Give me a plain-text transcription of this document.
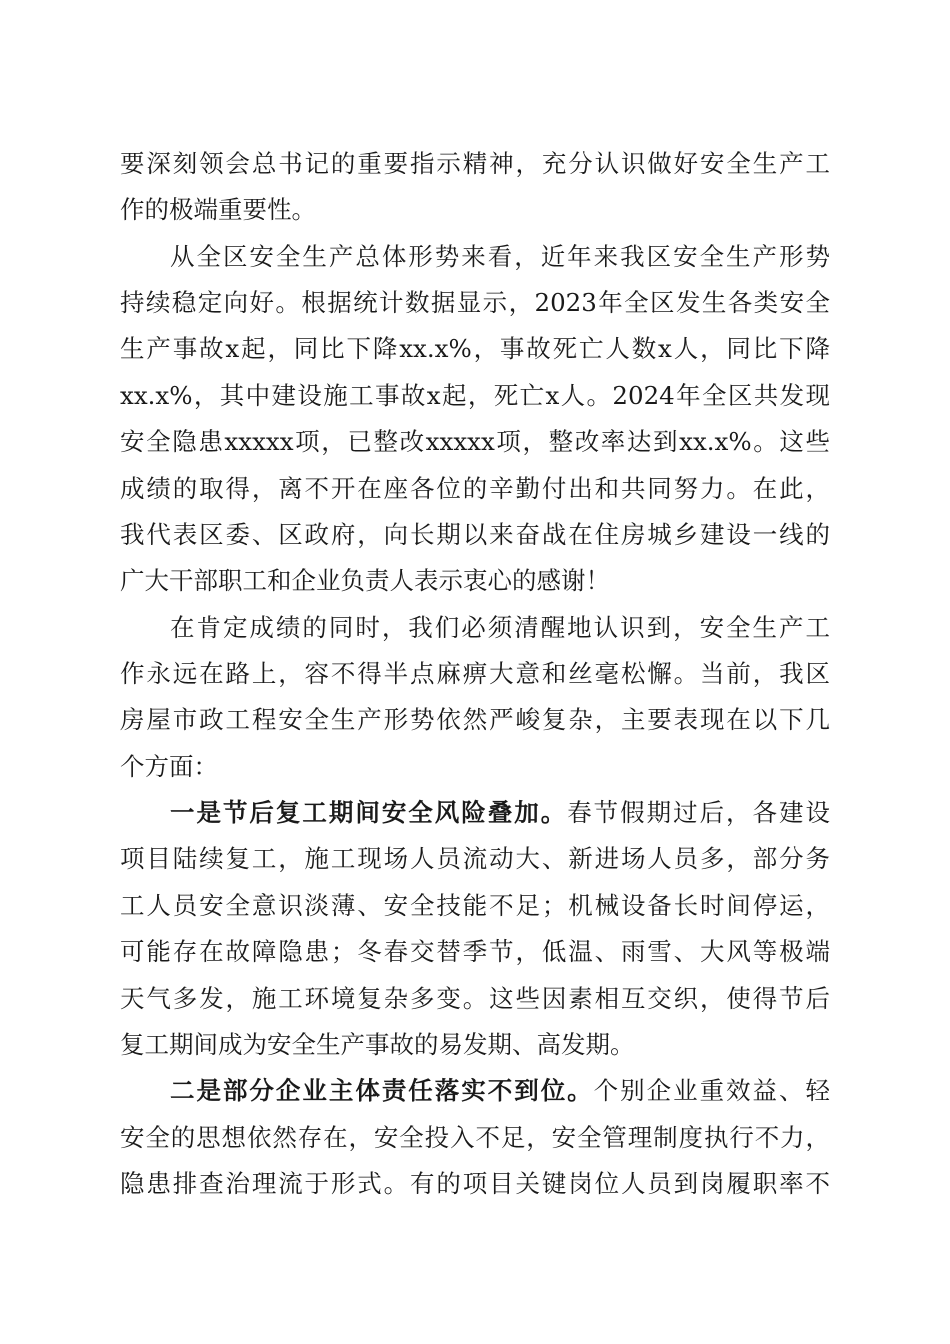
要深刻领会总书记的重要指示精神，充分认识做好安全生产工
作的极端重要性。
从全区安全生产总体形势来看，近年来我区安全生产形势
持续稳定向好。根据统计数据显示，2023年全区发生各类安全
生产事故x起，同比下降xx.x%，事故死亡人数x人，同比下降
xx.x%，其中建设施工事故x起，死亡x人。2024年全区共发现
安全隐患xxxxx项，已整改xxxxx项，整改率达到xx.x%。这些
成绩的取得，离不开在座各位的辛勤付出和共同努力。在此，
我代表区委、区政府，向长期以来奋战在住房城乡建设一线的
广大干部职工和企业负责人表示衷心的感谢！
在肯定成绩的同时，我们必须清醒地认识到，安全生产工
作永远在路上，容不得半点麻痹大意和丝毫松懈。当前，我区
房屋市政工程安全生产形势依然严峻复杂，主要表现在以下几
个方面：
一是节后复工期间安全风险叠加。春节假期过后，各建设
项目陆续复工，施工现场人员流动大、新进场人员多，部分务
工人员安全意识淡薄、安全技能不足；机械设备长时间停运，
可能存在故障隐患；冬春交替季节，低温、雨雪、大风等极端
天气多发，施工环境复杂多变。这些因素相互交织，使得节后
复工期间成为安全生产事故的易发期、高发期。
二是部分企业主体责任落实不到位。个别企业重效益、轻
安全的思想依然存在，安全投入不足，安全管理制度执行不力，
隐患排查治理流于形式。有的项目关键岗位人员到岗履职率不
